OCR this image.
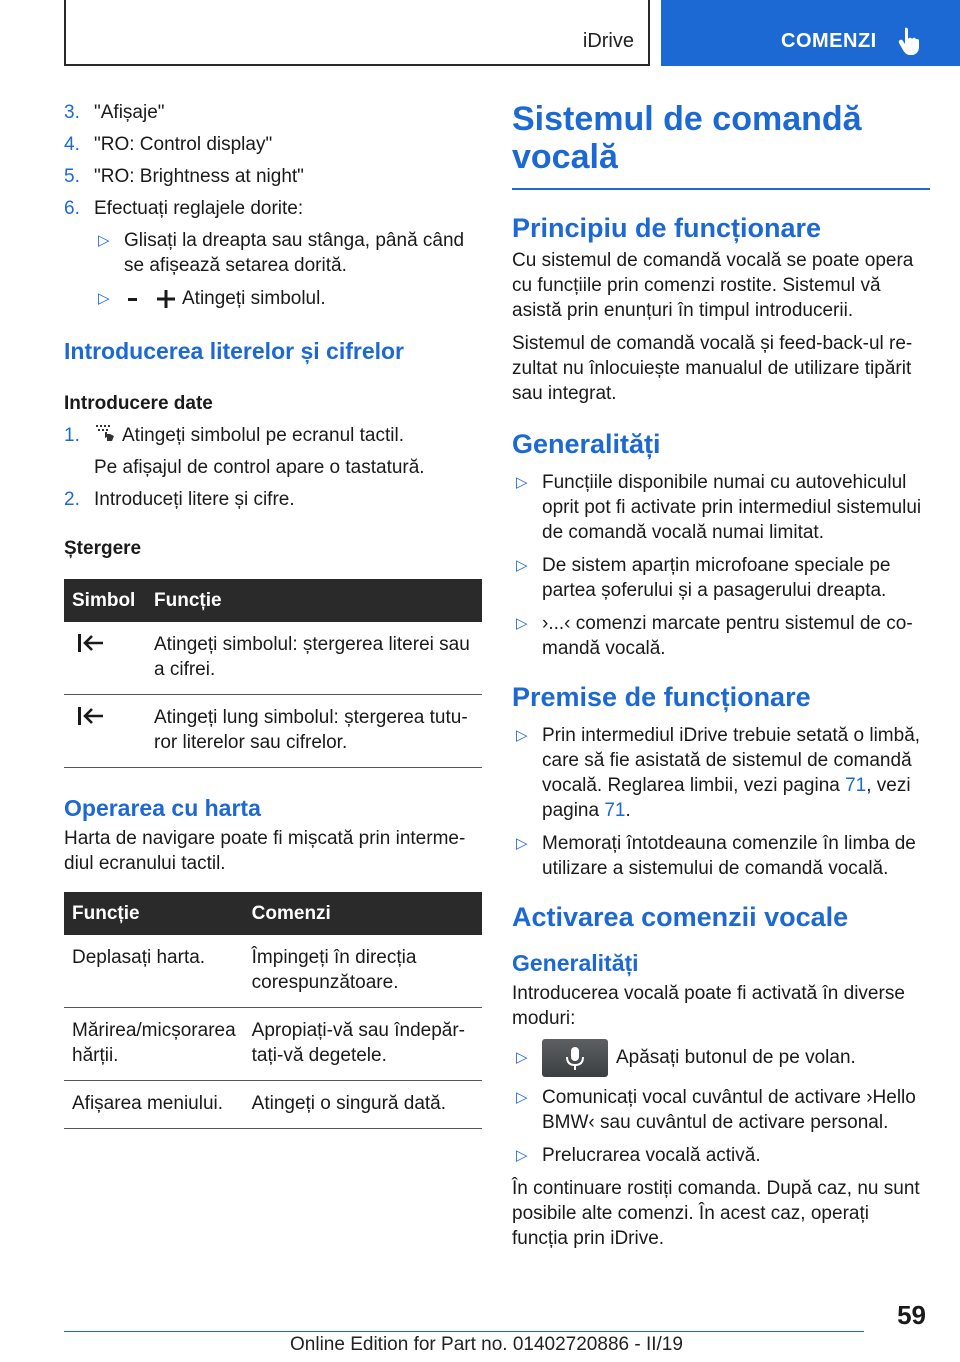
iDrive	COMENZI
3. "Afișaje"
4. "RO: Control display"
5. "RO: Brightness at night"
6. Efectuați reglajele dorite:
▷ Glisați la dreapta sau stânga, până când se afișează setarea dorită.
▷	Atingeți simbolul.
Introducerea literelor și cifrelor
Introducere date
1. Atingeți simbolul pe ecranul tactil.
Pe afișajul de control apare o tastatură.
2. Introduceți litere și cifre.
Ștergere
Simbol	Funcție
	Atingeți simbolul: ștergerea literei sau a cifrei.
	Atingeți lung simbolul: ștergerea tuturor literelor sau cifrelor.
Operarea cu harta
Harta de navigare poate fi mișcată prin intermediul ecranului tactil.
Funcție	Comenzi
Deplasați harta.	Împingeți în direcția corespunzătoare.
Mărirea/micșorarea hărții.	Apropiați-vă sau îndepărtați-vă degetele.
Afișarea meniului.	Atingeți o singură dată.
Sistemul de comandă vocală
Principiu de funcționare
Cu sistemul de comandă vocală se poate opera cu funcțiile prin comenzi rostite. Sistemul vă asistă prin enunțuri în timpul introducerii.
Sistemul de comandă vocală și feed-back-ul rezultat nu înlocuiește manualul de utilizare tipărit sau integrat.
Generalități
▷ Funcțiile disponibile numai cu autovehiculul oprit pot fi activate prin intermediul sistemului de comandă vocală numai limitat.
▷ De sistem aparțin microfoane speciale pe partea șoferului și a pasagerului dreapta.
▷ ›...‹ comenzi marcate pentru sistemul de comandă vocală.
Premise de funcționare
▷ Prin intermediul iDrive trebuie setată o limbă, care să fie asistată de sistemul de comandă vocală. Reglarea limbii, vezi pagina 71, vezi pagina 71.
▷ Memorați întotdeauna comenzile în limba de utilizare a sistemului de comandă vocală.
Activarea comenzii vocale
Generalități
Introducerea vocală poate fi activată în diverse moduri:
▷	Apăsați butonul de pe volan.
▷ Comunicați vocal cuvântul de activare ›Hello BMW‹ sau cuvântul de activare personal.
▷ Prelucrarea vocală activă.
În continuare rostiți comanda. După caz, nu sunt posibile alte comenzi. În acest caz, operați funcția prin iDrive.
59
Online Edition for Part no. 01402720886 - II/19
